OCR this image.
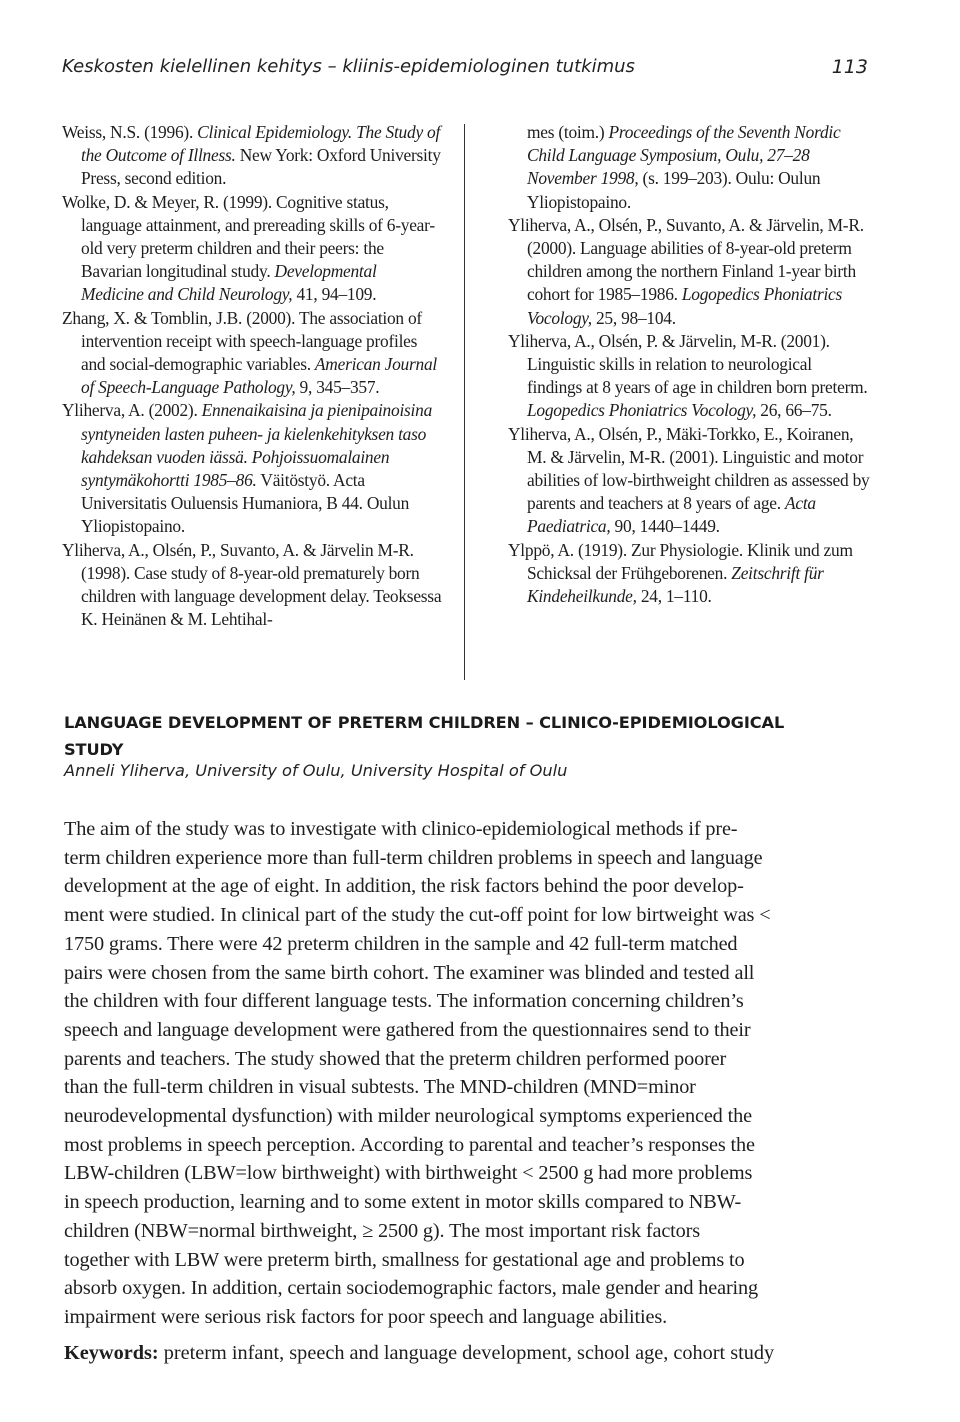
Keskosten kielellinen kehitys – kliinis-epidemiologinen tutkimus	113

Weiss, N.S. (1996). Clinical Epidemiology. The Study of the Outcome of Illness. New York: Oxford University Press, second edition.

Wolke, D. & Meyer, R. (1999). Cognitive status, language attainment, and prereading skills of 6-year-old very preterm children and their peers: the Bavarian longitudinal study. Developmental Medicine and Child Neurology, 41, 94–109.

Zhang, X. & Tomblin, J.B. (2000). The association of intervention receipt with speech-language profiles and social-demographic variables. American Journal of Speech-Language Pathology, 9, 345–357.

Yliherva, A. (2002). Ennenaikaisina ja pienipainoisina syntyneiden lasten puheen- ja kielenkehityksen taso kahdeksan vuoden iässä. Pohjoissuomalainen syntymäkohortti 1985–86. Väitöstyö. Acta Universitatis Ouluensis Humaniora, B 44. Oulun Yliopistopaino.

Yliherva, A., Olsén, P., Suvanto, A. & Järvelin M-R. (1998). Case study of 8-year-old prematurely born children with language development delay. Teoksessa K. Heinänen & M. Lehtihal-

mes (toim.) Proceedings of the Seventh Nordic Child Language Symposium, Oulu, 27–28 November 1998, (s. 199–203). Oulu: Oulun Yliopistopaino.

Yliherva, A., Olsén, P., Suvanto, A. & Järvelin, M-R. (2000). Language abilities of 8-year-old preterm children among the northern Finland 1-year birth cohort for 1985–1986. Logopedics Phoniatrics Vocology, 25, 98–104.

Yliherva, A., Olsén, P. & Järvelin, M-R. (2001). Linguistic skills in relation to neurological findings at 8 years of age in children born preterm. Logopedics Phoniatrics Vocology, 26, 66–75.

Yliherva, A., Olsén, P., Mäki-Torkko, E., Koiranen, M. & Järvelin, M-R. (2001). Linguistic and motor abilities of low-birthweight children as assessed by parents and teachers at 8 years of age. Acta Paediatrica, 90, 1440–1449.

Ylppö, A. (1919). Zur Physiologie. Klinik und zum Schicksal der Frühgeborenen. Zeitschrift für Kindeheilkunde, 24, 1–110.

LANGUAGE DEVELOPMENT OF PRETERM CHILDREN – CLINICO-EPIDEMIOLOGICAL STUDY
Anneli Yliherva, University of Oulu, University Hospital of Oulu
The aim of the study was to investigate with clinico-epidemiological methods if pre-
term children experience more than full-term children problems in speech and language
development at the age of eight. In addition, the risk factors behind the poor develop-
ment were studied. In clinical part of the study the cut-off point for low birtweight was <
1750 grams. There were 42 preterm children in the sample and 42 full-term matched
pairs were chosen from the same birth cohort. The examiner was blinded and tested all
the children with four different language tests. The information concerning children’s
speech and language development were gathered from the questionnaires send to their
parents and teachers. The study showed that the preterm children performed poorer
than the full-term children in visual subtests. The MND-children (MND=minor
neurodevelopmental dysfunction) with milder neurological symptoms experienced the
most problems in speech perception. According to parental and teacher’s responses the
LBW-children (LBW=low birthweight) with birthweight < 2500 g had more problems
in speech production, learning and to some extent in motor skills compared to NBW-
children (NBW=normal birthweight, ≥ 2500 g). The most important risk factors
together with LBW were preterm birth, smallness for gestational age and problems to
absorb oxygen. In addition, certain sociodemographic factors, male gender and hearing
impairment were serious risk factors for poor speech and language abilities.
Keywords: preterm infant, speech and language development, school age, cohort study
